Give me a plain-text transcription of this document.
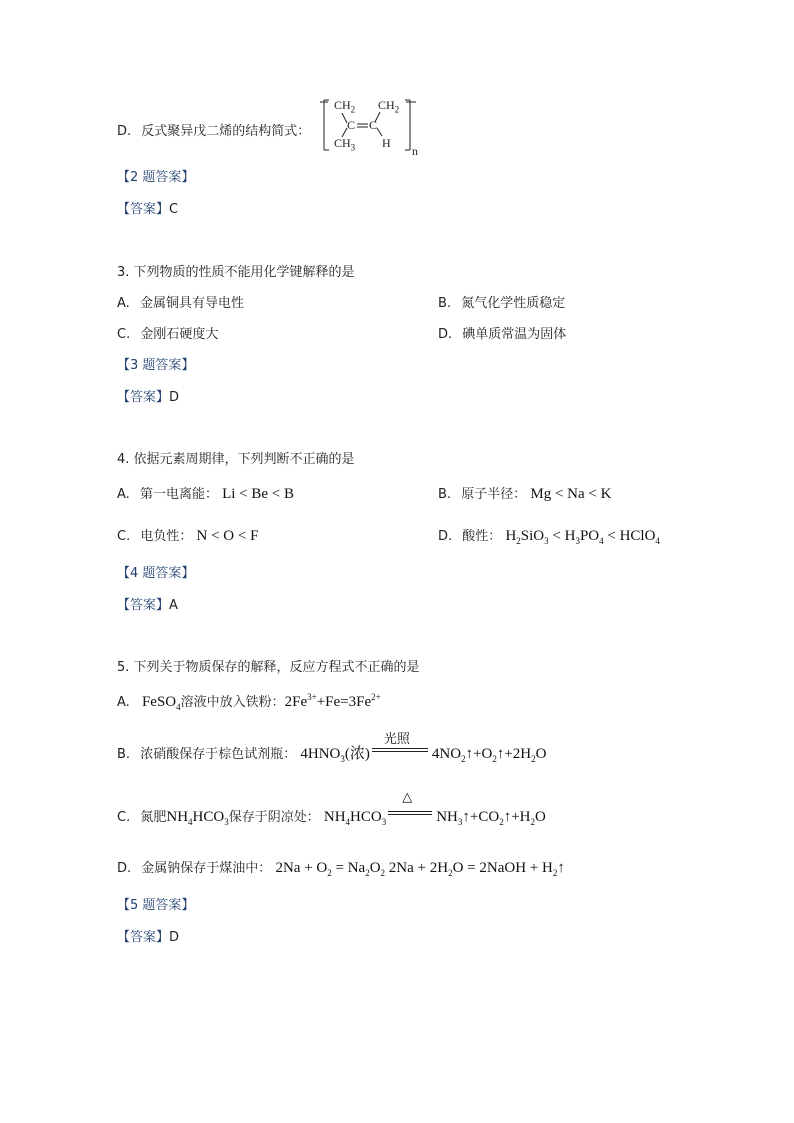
D. 反式聚异戊二烯的结构简式：
$CH_2$ $CH_2$
C C
$CH_3$ H
n
【2 题答案】
【答案】C
3. 下列物质的性质不能用化学键解释的是
A. 金属铜具有导电性	B. 氮气化学性质稳定
C. 金刚石硬度大	D. 碘单质常温为固体
【3 题答案】
【答案】D
4. 依据元素周期律，下列判断不正确的是
A. 第一电离能： Li < Be < B	B. 原子半径： Mg < Na < K
C. 电负性： N < O < F	D. 酸性： $H_2SiO_3 < H_3PO_4$ < HClO$_4$
【4 题答案】
【答案】A
5. 下列关于物质保存的解释，反应方程式不正确的是
A. FeSO$_4$溶液中放入铁粉：$2Fe^{3+}+Fe=3Fe^{2+}$
B. 浓硝酸保存于棕色试剂瓶： $4HNO_3$(浓)
光照
$4NO_2↑+O_2↑+2H_2O$
C. 氮肥$NH_4HCO_3$保存于阴凉处： $NH_4HCO_3$
△
$NH_3↑+CO_2↑+H_2O$
D. 金属钠保存于煤油中： $2Na + O_2 = Na_2O_2$ $2Na + 2H_2O$ = 2NaOH + $H_2↑$
【5 题答案】
【答案】D
